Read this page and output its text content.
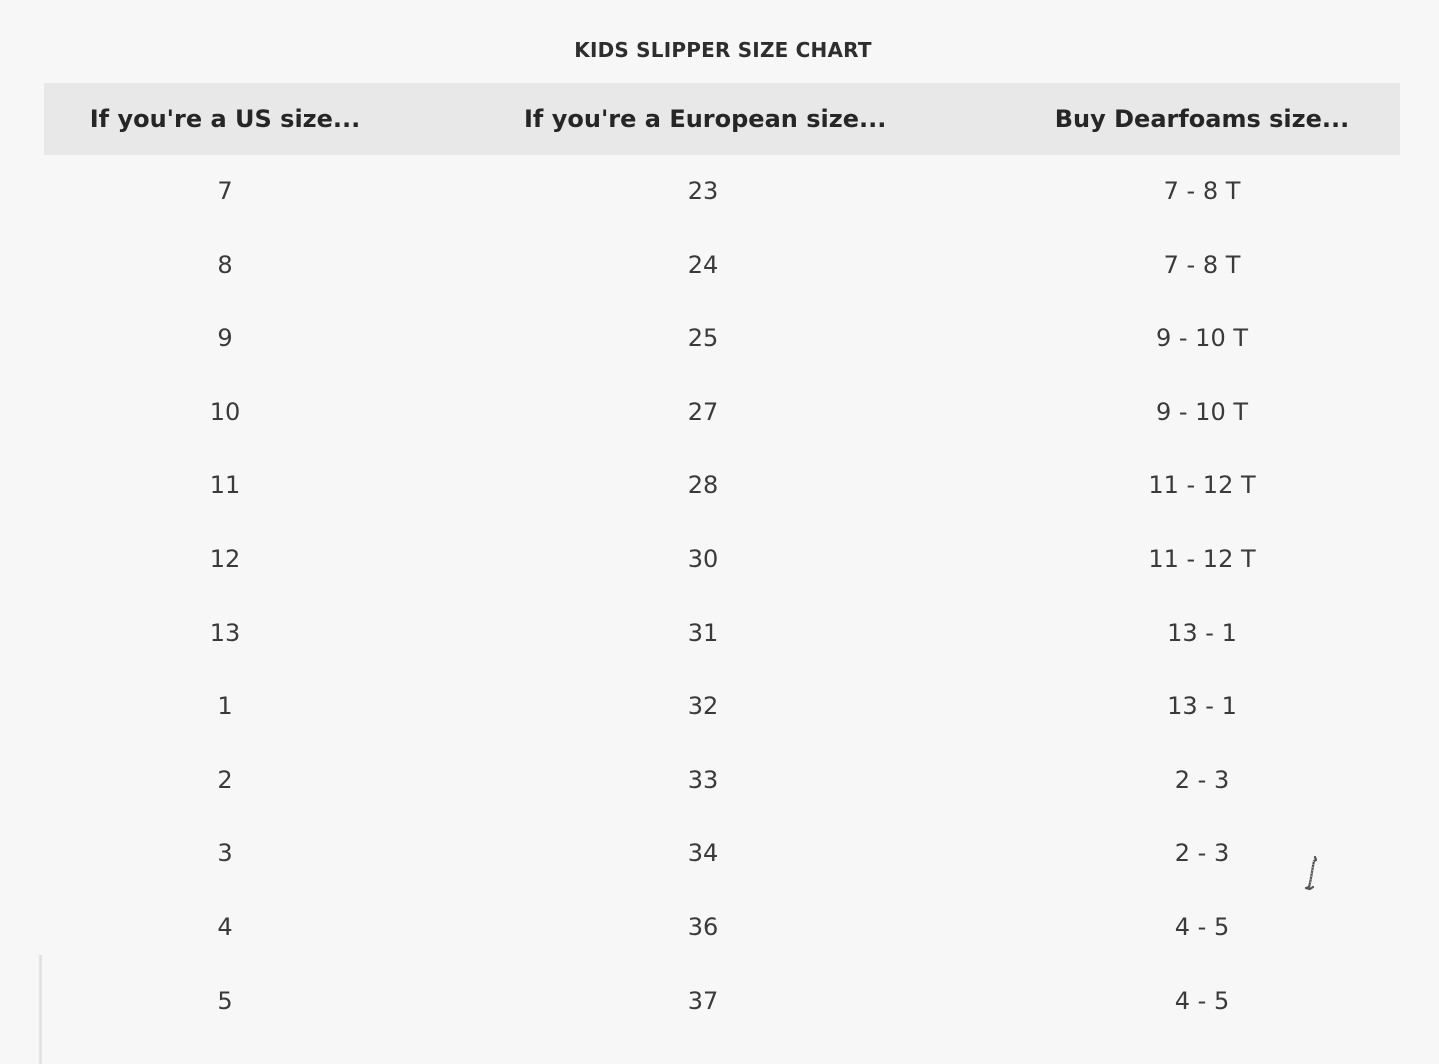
KIDS SLIPPER SIZE CHART
If you're a US size...	If you're a European size...	Buy Dearfoams size...
7	23	7 - 8 T
8	24	7 - 8 T
9	25	9 - 10 T
10	27	9 - 10 T
11	28	11 - 12 T
12	30	11 - 12 T
13	31	13 - 1
1	32	13 - 1
2	33	2 - 3
3	34	2 - 3
4	36	4 - 5
5	37	4 - 5
